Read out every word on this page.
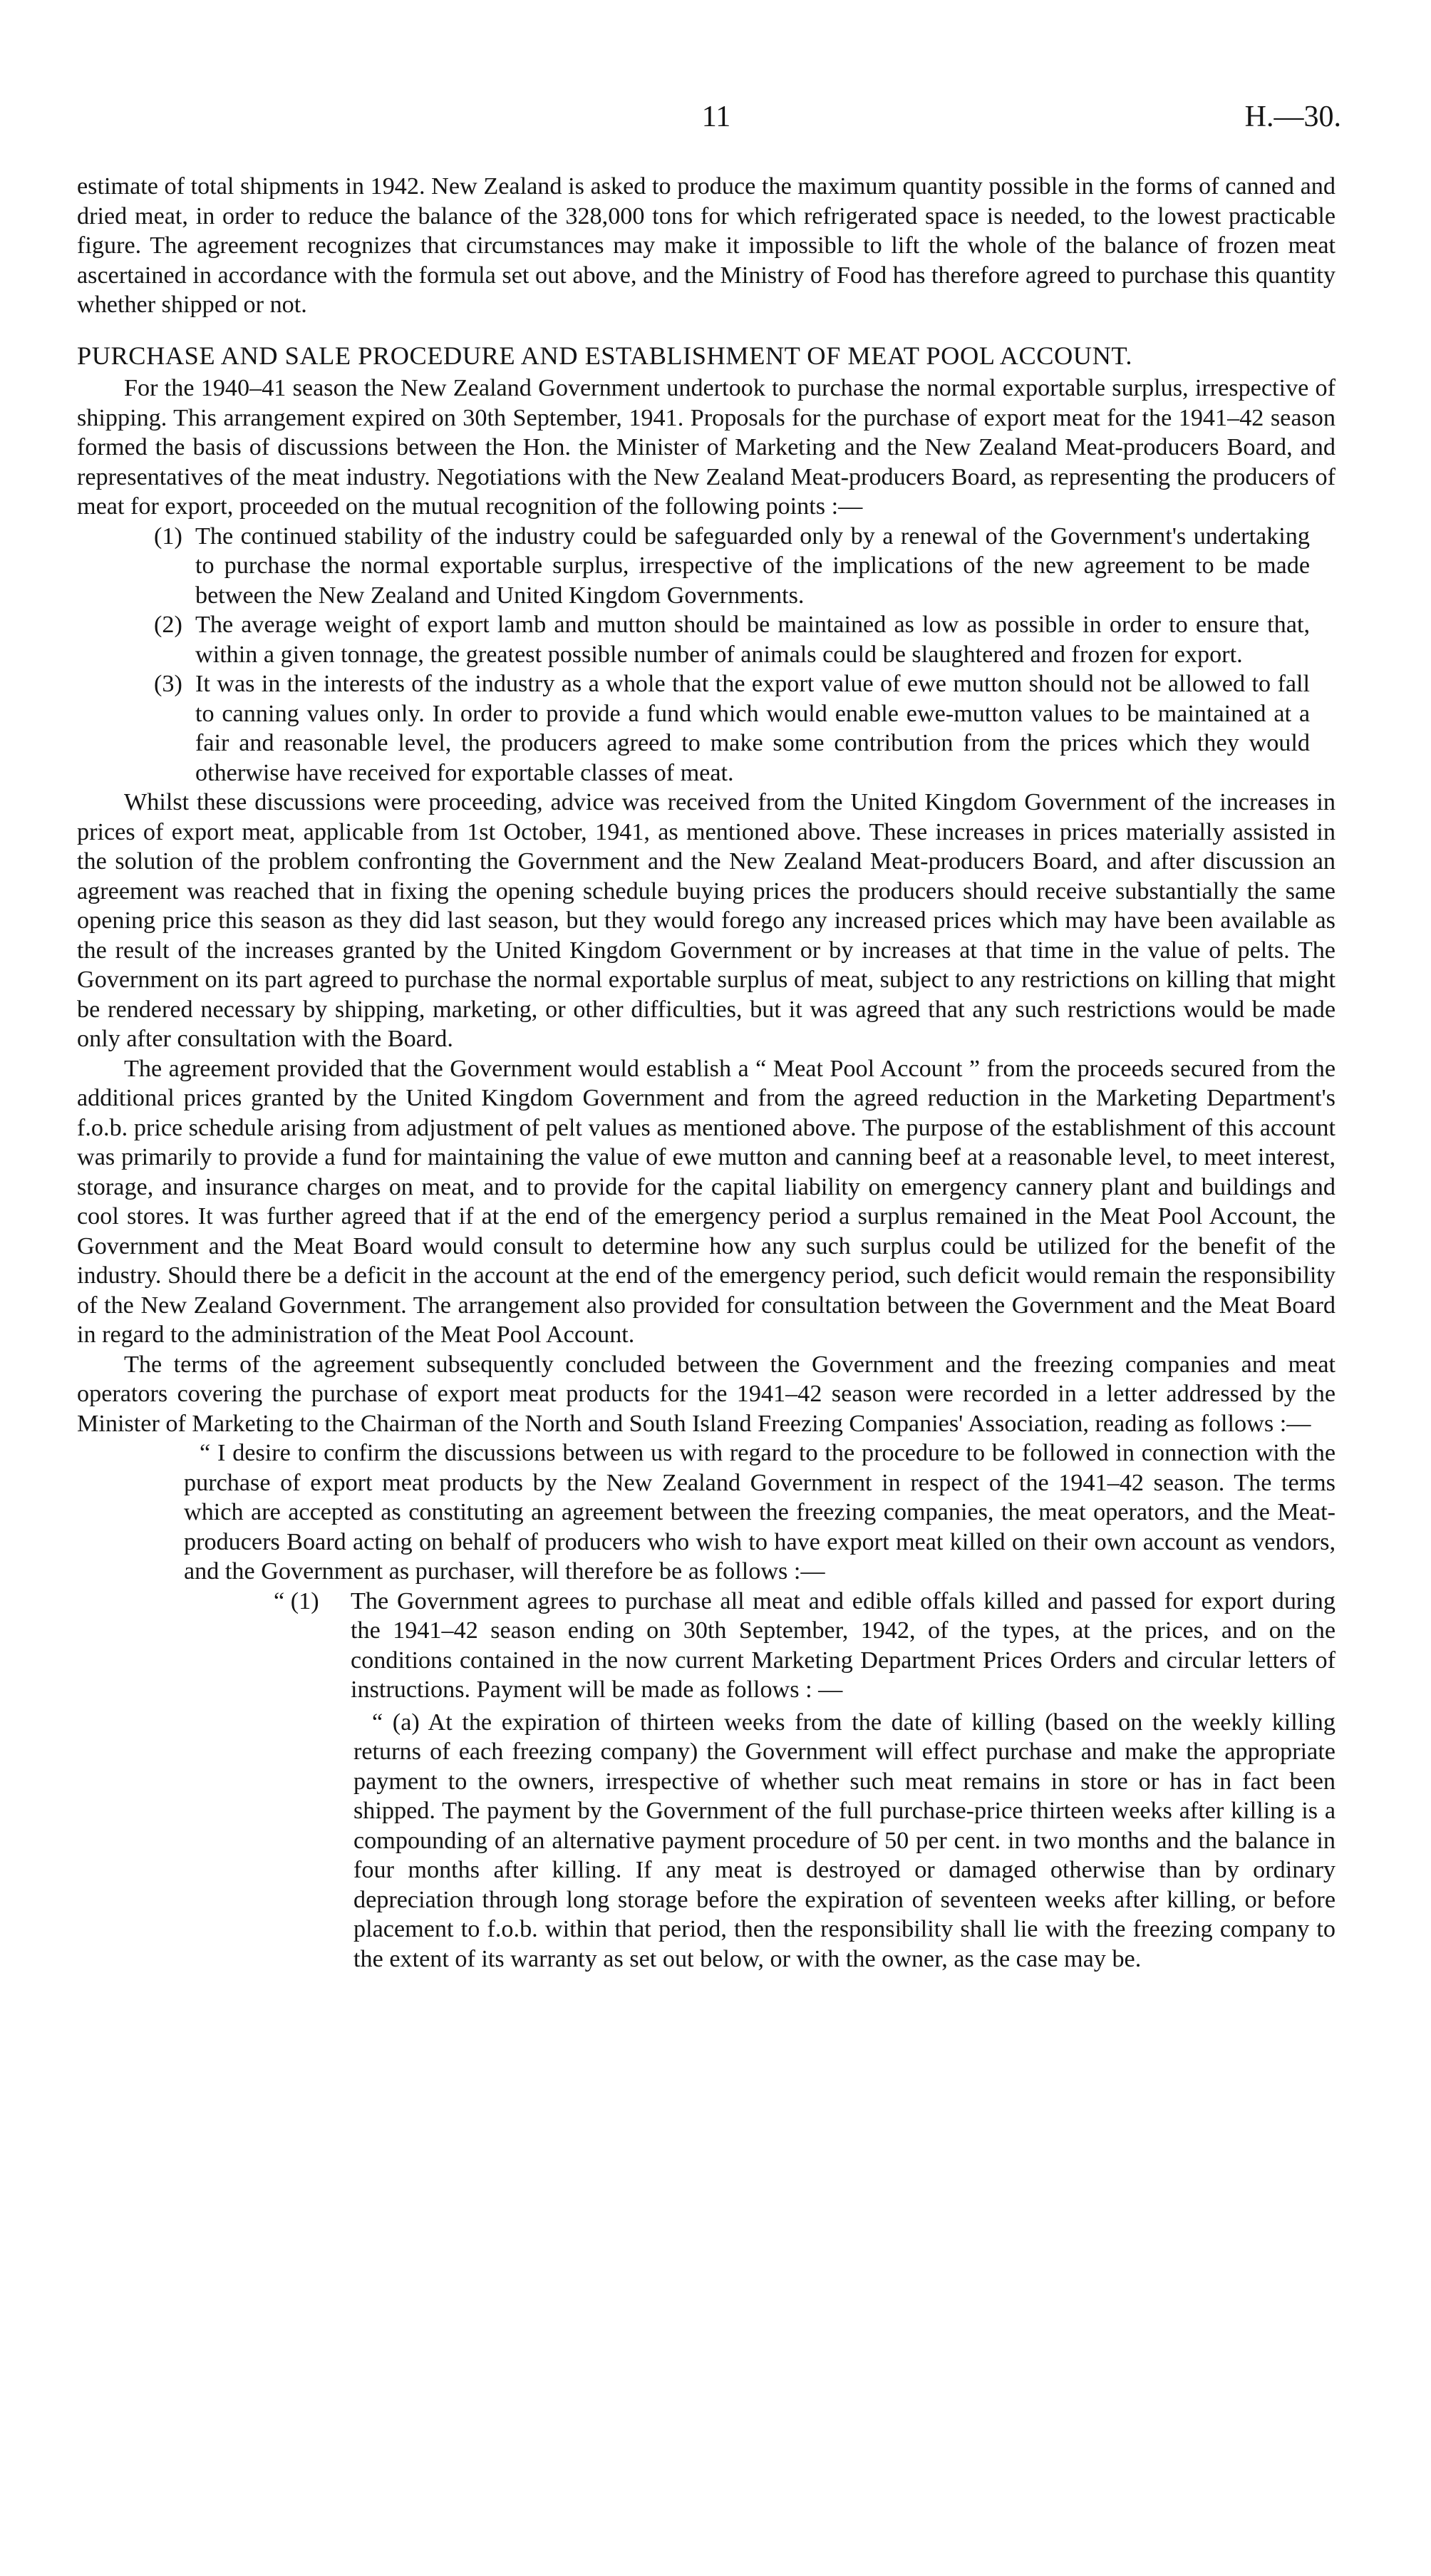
11	H.—30.

estimate of total shipments in 1942. New Zealand is asked to produce the maximum quantity possible in the forms of canned and dried meat, in order to reduce the balance of the 328,000 tons for which refrigerated space is needed, to the lowest practicable figure. The agreement recognizes that circumstances may make it impossible to lift the whole of the balance of frozen meat ascertained in accordance with the formula set out above, and the Ministry of Food has therefore agreed to purchase this quantity whether shipped or not.

PURCHASE AND SALE PROCEDURE AND ESTABLISHMENT OF MEAT POOL ACCOUNT.

For the 1940–41 season the New Zealand Government undertook to purchase the normal exportable surplus, irrespective of shipping. This arrangement expired on 30th September, 1941. Proposals for the purchase of export meat for the 1941–42 season formed the basis of discussions between the Hon. the Minister of Marketing and the New Zealand Meat-producers Board, and representatives of the meat industry. Negotiations with the New Zealand Meat-producers Board, as representing the producers of meat for export, proceeded on the mutual recognition of the following points :—

(1) The continued stability of the industry could be safeguarded only by a renewal of the Government's undertaking to purchase the normal exportable surplus, irrespective of the implications of the new agreement to be made between the New Zealand and United Kingdom Governments.
(2) The average weight of export lamb and mutton should be maintained as low as possible in order to ensure that, within a given tonnage, the greatest possible number of animals could be slaughtered and frozen for export.
(3) It was in the interests of the industry as a whole that the export value of ewe mutton should not be allowed to fall to canning values only. In order to provide a fund which would enable ewe-mutton values to be maintained at a fair and reasonable level, the producers agreed to make some contribution from the prices which they would otherwise have received for exportable classes of meat.

Whilst these discussions were proceeding, advice was received from the United Kingdom Government of the increases in prices of export meat, applicable from 1st October, 1941, as mentioned above. These increases in prices materially assisted in the solution of the problem confronting the Government and the New Zealand Meat-producers Board, and after discussion an agreement was reached that in fixing the opening schedule buying prices the producers should receive substantially the same opening price this season as they did last season, but they would forego any increased prices which may have been available as the result of the increases granted by the United Kingdom Government or by increases at that time in the value of pelts. The Government on its part agreed to purchase the normal exportable surplus of meat, subject to any restrictions on killing that might be rendered necessary by shipping, marketing, or other difficulties, but it was agreed that any such restrictions would be made only after consultation with the Board.

The agreement provided that the Government would establish a “ Meat Pool Account ” from the proceeds secured from the additional prices granted by the United Kingdom Government and from the agreed reduction in the Marketing Department's f.o.b. price schedule arising from adjustment of pelt values as mentioned above. The purpose of the establishment of this account was primarily to provide a fund for maintaining the value of ewe mutton and canning beef at a reasonable level, to meet interest, storage, and insurance charges on meat, and to provide for the capital liability on emergency cannery plant and buildings and cool stores. It was further agreed that if at the end of the emergency period a surplus remained in the Meat Pool Account, the Government and the Meat Board would consult to determine how any such surplus could be utilized for the benefit of the industry. Should there be a deficit in the account at the end of the emergency period, such deficit would remain the responsibility of the New Zealand Government. The arrangement also provided for consultation between the Government and the Meat Board in regard to the administration of the Meat Pool Account.

The terms of the agreement subsequently concluded between the Government and the freezing companies and meat operators covering the purchase of export meat products for the 1941–42 season were recorded in a letter addressed by the Minister of Marketing to the Chairman of the North and South Island Freezing Companies' Association, reading as follows :—

“ I desire to confirm the discussions between us with regard to the procedure to be followed in connection with the purchase of export meat products by the New Zealand Government in respect of the 1941–42 season. The terms which are accepted as constituting an agreement between the freezing companies, the meat operators, and the Meat-producers Board acting on behalf of producers who wish to have export meat killed on their own account as vendors, and the Government as purchaser, will therefore be as follows :—

“ (1) The Government agrees to purchase all meat and edible offals killed and passed for export during the 1941–42 season ending on 30th September, 1942, of the types, at the prices, and on the conditions contained in the now current Marketing Department Prices Orders and circular letters of instructions. Payment will be made as follows : —

“ (a) At the expiration of thirteen weeks from the date of killing (based on the weekly killing returns of each freezing company) the Government will effect purchase and make the appropriate payment to the owners, irrespective of whether such meat remains in store or has in fact been shipped. The payment by the Government of the full purchase-price thirteen weeks after killing is a compounding of an alternative payment procedure of 50 per cent. in two months and the balance in four months after killing. If any meat is destroyed or damaged otherwise than by ordinary depreciation through long storage before the expiration of seventeen weeks after killing, or before placement to f.o.b. within that period, then the responsibility shall lie with the freezing company to the extent of its warranty as set out below, or with the owner, as the case may be.
